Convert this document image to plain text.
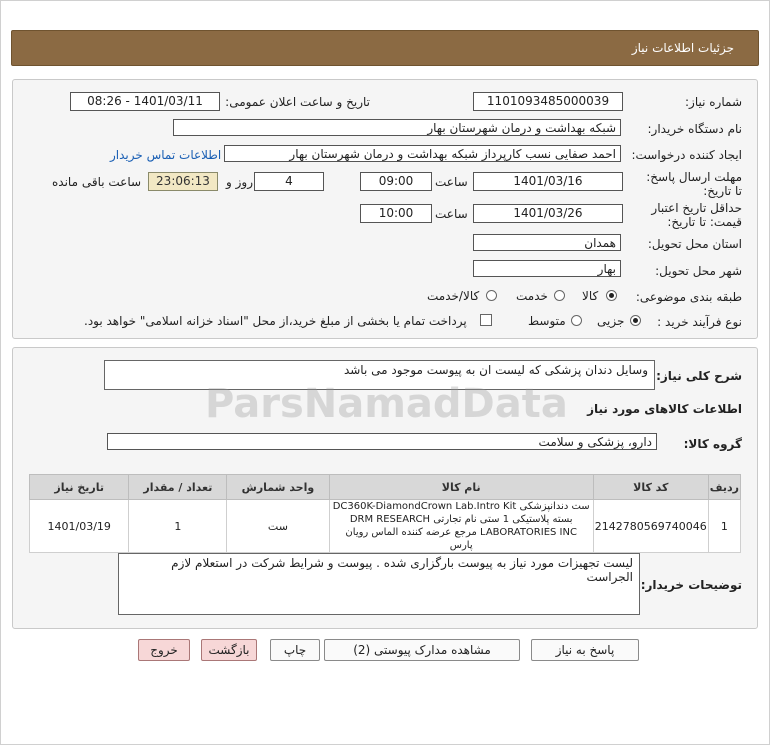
جزئیات اطلاعات نیاز
شماره نیاز:
1101093485000039
تاریخ و ساعت اعلان عمومی:
1401/03/11 - 08:26
نام دستگاه خریدار:
شبکه بهداشت و درمان شهرستان بهار
ایجاد کننده درخواست:
احمد صفایی نسب کارپرداز شبکه بهداشت و درمان شهرستان بهار
اطلاعات تماس خریدار
مهلت ارسال پاسخ: تا تاریخ:
1401/03/16
ساعت
09:00
4
روز و
23:06:13
ساعت باقی مانده
حداقل تاریخ اعتبار قیمت: تا تاریخ:
1401/03/26
ساعت
10:00
استان محل تحویل:
همدان
شهر محل تحویل:
بهار
طبقه بندی موضوعی:
کالا
خدمت
کالا/خدمت
نوع فرآیند خرید :
جزیی
متوسط
پرداخت تمام یا بخشی از مبلغ خرید،از محل "اسناد خزانه اسلامی" خواهد بود.
شرح کلی نیاز:
وسایل دندان پزشکی که لیست ان به پیوست موجود می باشد
اطلاعات کالاهای مورد نیاز
گروه کالا:
دارو، پزشکی و سلامت
ردیف	کد کالا	نام کالا	واحد شمارش	تعداد / مقدار	تاریخ نیاز
1	2142780569740046	ست دندانپزشکی DC360K-DiamondCrown Lab.Intro Kit بسته پلاستیکی 1 ستی نام تجارتی DRM RESEARCH LABORATORIES INC مرجع عرضه کننده الماس رویان پارس	ست	1	1401/03/19
توضیحات خریدار:
لیست تجهیزات مورد نیاز به پیوست بارگزاری شده . پیوست و شرایط شرکت در استعلام لازم الجراست
پاسخ به نیاز
مشاهده مدارک پیوستی (2)
چاپ
بازگشت
خروج
ParsNamadData
